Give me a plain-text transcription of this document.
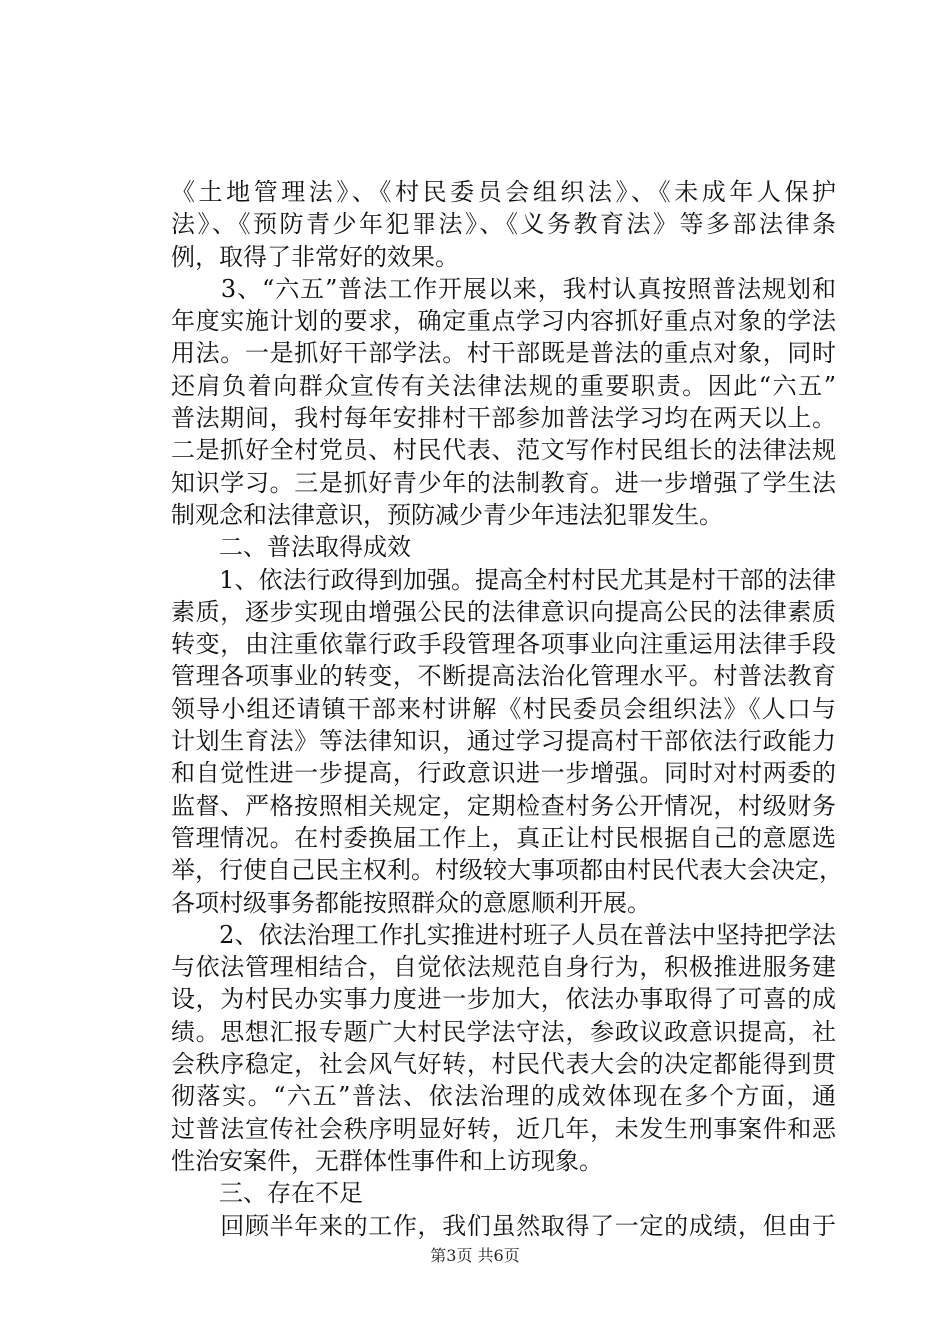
《土地管理法》、《村民委员会组织法》、《未成年人保护
法》、《预防青少年犯罪法》、《义务教育法》等多部法律条
例，取得了非常好的效果。
　　3、“六五”普法工作开展以来，我村认真按照普法规划和
年度实施计划的要求，确定重点学习内容抓好重点对象的学法
用法。一是抓好干部学法。村干部既是普法的重点对象，同时
还肩负着向群众宣传有关法律法规的重要职责。因此“六五”
普法期间，我村每年安排村干部参加普法学习均在两天以上。
二是抓好全村党员、村民代表、范文写作村民组长的法律法规
知识学习。三是抓好青少年的法制教育。进一步增强了学生法
制观念和法律意识，预防减少青少年违法犯罪发生。
　　二、普法取得成效
　　1、依法行政得到加强。提高全村村民尤其是村干部的法律
素质，逐步实现由增强公民的法律意识向提高公民的法律素质
转变，由注重依靠行政手段管理各项事业向注重运用法律手段
管理各项事业的转变，不断提高法治化管理水平。村普法教育
领导小组还请镇干部来村讲解《村民委员会组织法》《人口与
计划生育法》等法律知识，通过学习提高村干部依法行政能力
和自觉性进一步提高，行政意识进一步增强。同时对村两委的
监督、严格按照相关规定，定期检查村务公开情况，村级财务
管理情况。在村委换届工作上，真正让村民根据自己的意愿选
举，行使自己民主权利。村级较大事项都由村民代表大会决定，
各项村级事务都能按照群众的意愿顺利开展。
　　2、依法治理工作扎实推进村班子人员在普法中坚持把学法
与依法管理相结合，自觉依法规范自身行为，积极推进服务建
设，为村民办实事力度进一步加大，依法办事取得了可喜的成
绩。思想汇报专题广大村民学法守法，参政议政意识提高，社
会秩序稳定，社会风气好转，村民代表大会的决定都能得到贯
彻落实。“六五”普法、依法治理的成效体现在多个方面，通
过普法宣传社会秩序明显好转，近几年，未发生刑事案件和恶
性治安案件，无群体性事件和上访现象。
　　三、存在不足
　　回顾半年来的工作，我们虽然取得了一定的成绩，但由于
第3页 共6页
